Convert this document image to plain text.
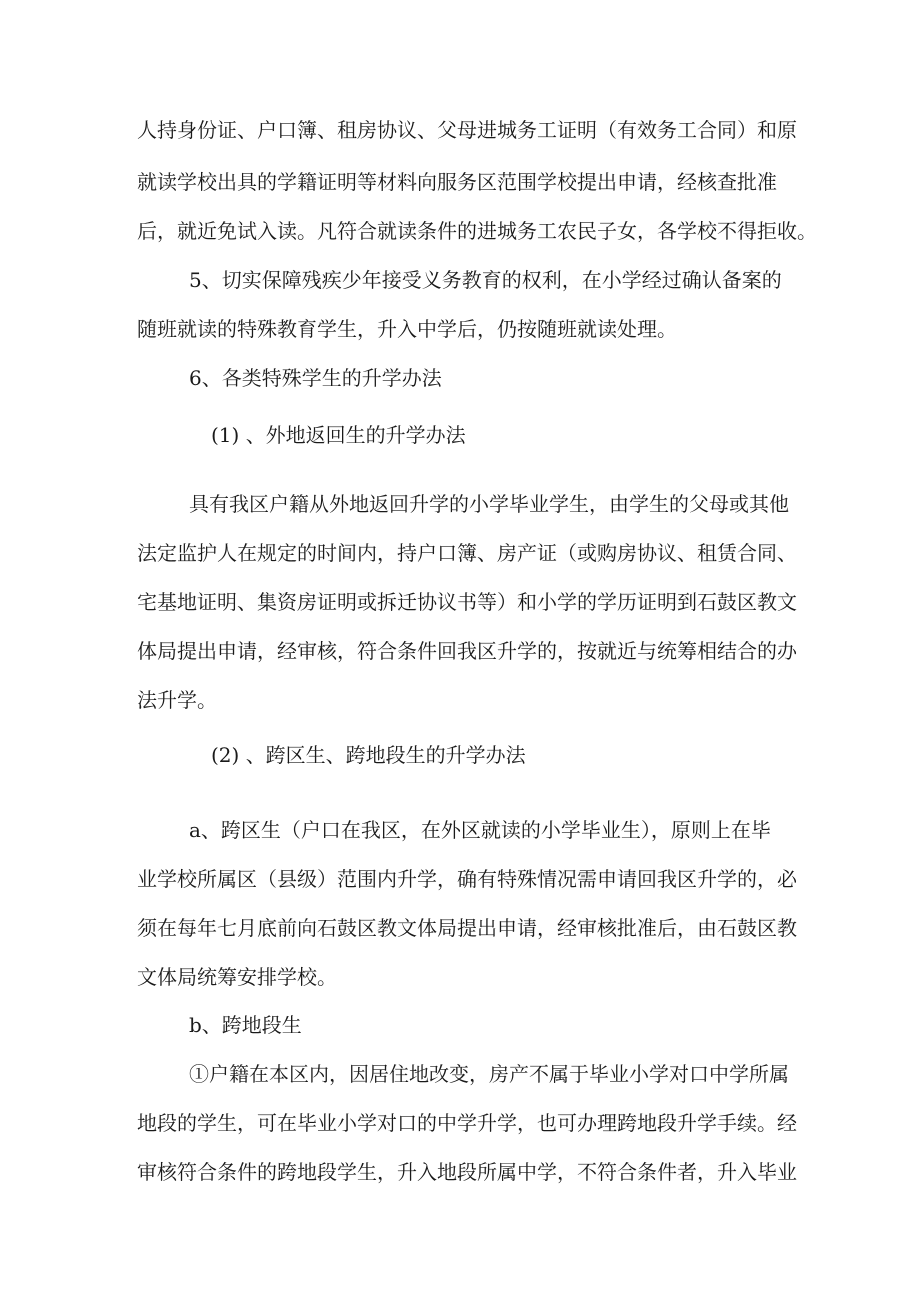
人持身份证、户口簿、租房协议、父母进城务工证明（有效务工合同）和原
就读学校出具的学籍证明等材料向服务区范围学校提出申请，经核查批准
后，就近免试入读。凡符合就读条件的进城务工农民子女，各学校不得拒收。
5、切实保障残疾少年接受义务教育的权利，在小学经过确认备案的
随班就读的特殊教育学生，升入中学后，仍按随班就读处理。
6、各类特殊学生的升学办法
(1) 、外地返回生的升学办法
具有我区户籍从外地返回升学的小学毕业学生，由学生的父母或其他
法定监护人在规定的时间内，持户口簿、房产证（或购房协议、租赁合同、
宅基地证明、集资房证明或拆迁协议书等）和小学的学历证明到石鼓区教文
体局提出申请，经审核，符合条件回我区升学的，按就近与统筹相结合的办
法升学。
(2) 、跨区生、跨地段生的升学办法
a、跨区生（户口在我区，在外区就读的小学毕业生），原则上在毕
业学校所属区（县级）范围内升学，确有特殊情况需申请回我区升学的，必
须在每年七月底前向石鼓区教文体局提出申请，经审核批准后，由石鼓区教
文体局统筹安排学校。
b、跨地段生
①户籍在本区内，因居住地改变，房产不属于毕业小学对口中学所属
地段的学生，可在毕业小学对口的中学升学，也可办理跨地段升学手续。经
审核符合条件的跨地段学生，升入地段所属中学，不符合条件者，升入毕业
